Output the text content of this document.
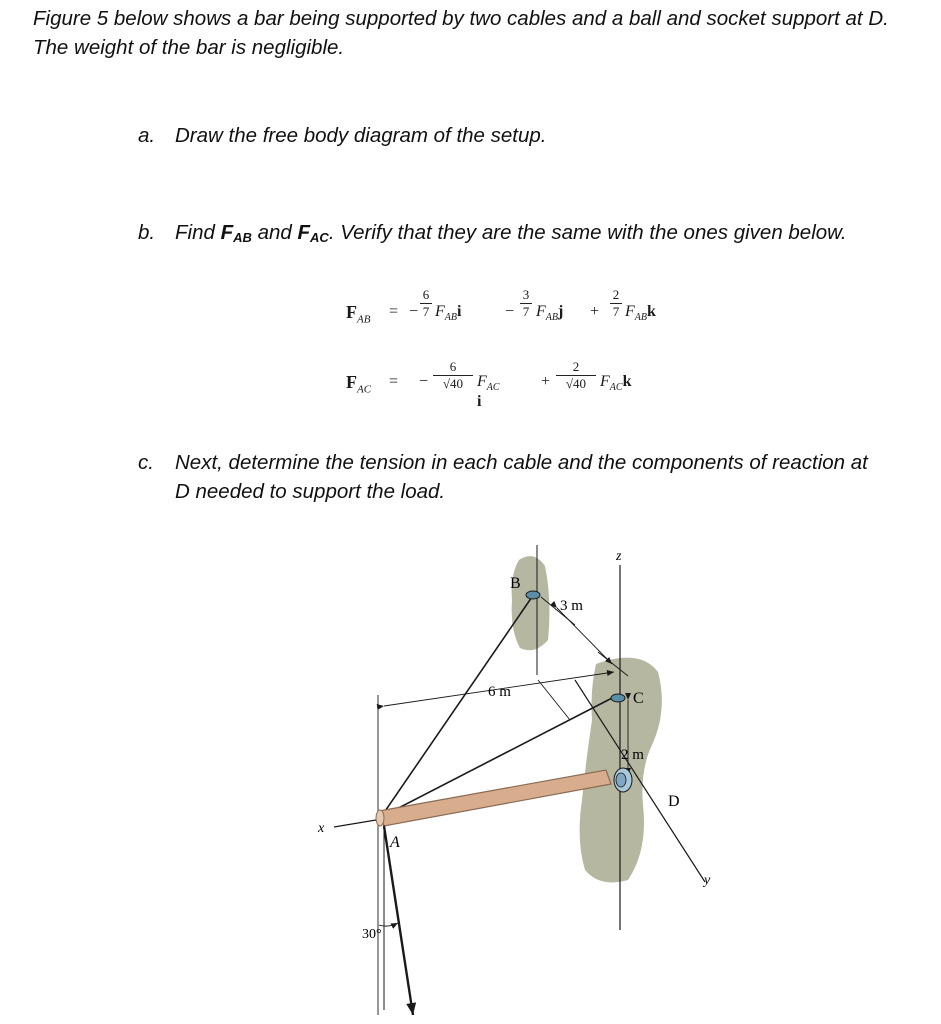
Figure 5 below shows a bar being supported by two cables and a ball and socket support at D. The weight of the bar is negligible.
a. Draw the free body diagram of the setup.
b. Find $F_{AB}$ and $F_{AC}$. Verify that they are the same with the ones given below.
$F_{AB}$ = −
6
7 $F_{AB}i$	−
3
7 $F_{AB}j$ +
2
7 $F_{AB}k$
$F_{AC}$ = −
6
√40 $F_{AC}$ i
+
2
√40 $F_{AC}k$
c.	Next, determine the tension in each cable and the components of reaction at D needed to support the load.
z
y
3 m
6 m
2 m
x
B
C
D
A
30°
